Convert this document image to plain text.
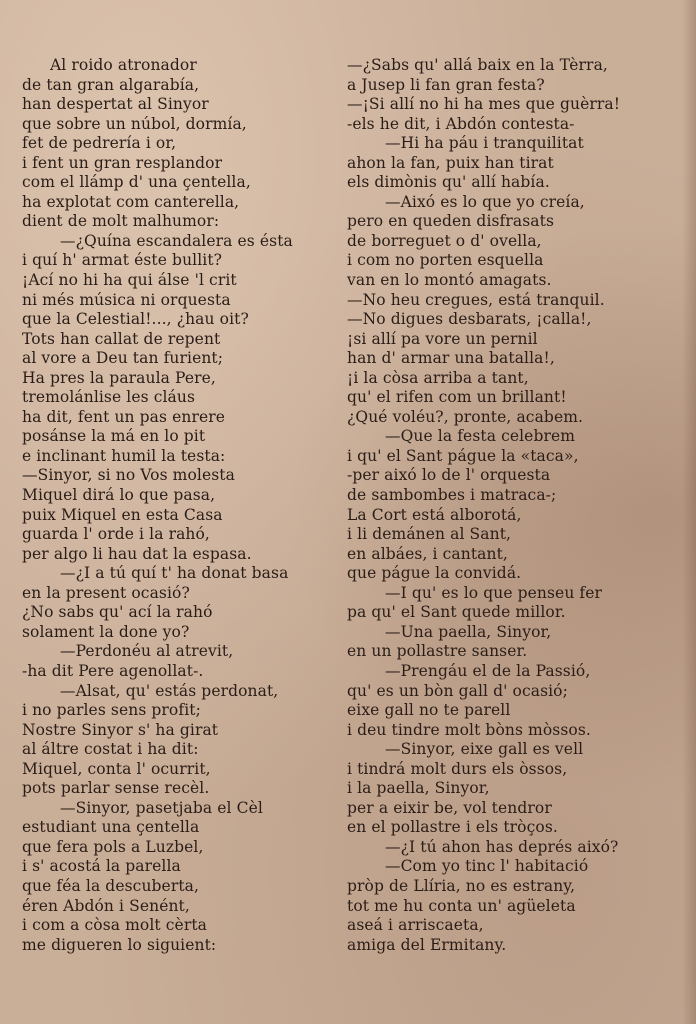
Al roido atronador
de tan gran algarabía,
han despertat al Sinyor
que sobre un núbol, dormía,
fet de pedrería i or,
i fent un gran resplandor
com el llámp d' una çentella,
ha explotat com canterella,
dient de molt malhumor:
—¿Quína escandalera es ésta
i quí h' armat éste bullit?
¡Ací no hi ha qui álse 'l crit
ni més música ni orquesta
que la Celestial!..., ¿hau oit?
Tots han callat de repent
al vore a Deu tan furient;
Ha pres la paraula Pere,
tremolánlise les cláus
ha dit, fent un pas enrere
posánse la má en lo pit
e inclinant humil la testa:
—Sinyor, si no Vos molesta
Miquel dirá lo que pasa,
puix Miquel en esta Casa
guarda l' orde i la rahó,
per algo li hau dat la espasa.
—¿I a tú quí t' ha donat basa
en la present ocasió?
¿No sabs qu' ací la rahó
solament la done yo?
—Perdonéu al atrevit,
-ha dit Pere agenollat-.
—Alsat, qu' estás perdonat,
i no parles sens profit;
Nostre Sinyor s' ha girat
al áltre costat i ha dit:
Miquel, conta l' ocurrit,
pots parlar sense recèl.
—Sinyor, pasetjaba el Cèl
estudiant una çentella
que fera pols a Luzbel,
i s' acostá la parella
que féa la descuberta,
éren Abdón i Senént,
i com a còsa molt cèrta
me digueren lo siguient:
—¿Sabs qu' allá baix en la Tèrra,
a Jusep li fan gran festa?
—¡Si allí no hi ha mes que guèrra!
-els he dit, i Abdón contesta-
—Hi ha páu i tranquilitat
ahon la fan, puix han tirat
els dimònis qu' allí había.
—Aixó es lo que yo creía,
pero en queden disfrasats
de borreguet o d' ovella,
i com no porten esquella
van en lo montó amagats.
—No heu cregues, está tranquil.
—No digues desbarats, ¡calla!,
¡si allí pa vore un pernil
han d' armar una batalla!,
¡i la còsa arriba a tant,
qu' el rifen com un brillant!
¿Qué voléu?, pronte, acabem.
—Que la festa celebrem
i qu' el Sant págue la «taca»,
-per aixó lo de l' orquesta
de sambombes i matraca-;
La Cort está alborotá,
i li demánen al Sant,
en albáes, i cantant,
que págue la convidá.
—I qu' es lo que penseu fer
pa qu' el Sant quede millor.
—Una paella, Sinyor,
en un pollastre sanser.
—Prengáu el de la Passió,
qu' es un bòn gall d' ocasió;
eixe gall no te parell
i deu tindre molt bòns mòssos.
—Sinyor, eixe gall es vell
i tindrá molt durs els òssos,
i la paella, Sinyor,
per a eixir be, vol tendror
en el pollastre i els tròços.
—¿I tú ahon has deprés aixó?
—Com yo tinc l' habitació
pròp de Llíria, no es estrany,
tot me hu conta un' agüeleta
aseá i arriscaeta,
amiga del Ermitany.
